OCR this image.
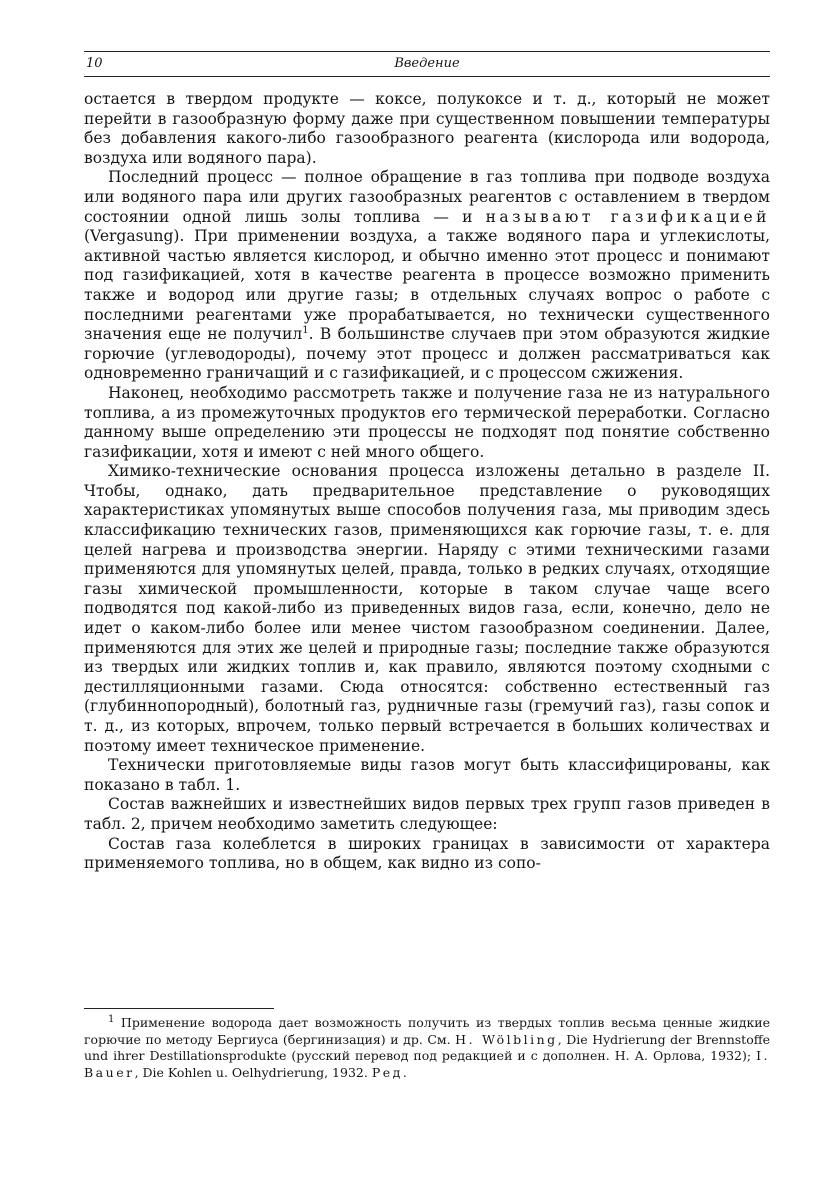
10	Введение

остается в твердом продукте — коксе, полукоксе и т. д., который не может перейти в газообразную форму даже при существенном повышении температуры без добавления какого-либо газообразного реагента (кислорода или водорода, воздуха или водяного пара).

Последний процесс — полное обращение в газ топлива при подводе воздуха или водяного пара или других газообразных реагентов с оставлением в твердом состоянии одной лишь золы топлива — и называют газификацией (Vergasung). При применении воздуха, а также водяного пара и углекислоты, активной частью является кислород, и обычно именно этот процесс и понимают под газификацией, хотя в качестве реагента в процессе возможно применить также и водород или другие газы; в отдельных случаях вопрос о работе с последними реагентами уже прорабатывается, но технически существенного значения еще не получил$^1$. В большинстве случаев при этом образуются жидкие горючие (углеводороды), почему этот процесс и должен рассматриваться как одновременно граничащий и с газификацией, и с процессом сжижения.

Наконец, необходимо рассмотреть также и получение газа не из натурального топлива, а из промежуточных продуктов его термической переработки. Согласно данному выше определению эти процессы не подходят под понятие собственно газификации, хотя и имеют с ней много общего.

Химико-технические основания процесса изложены детально в разделе II. Чтобы, однако, дать предварительное представление о руководящих характеристиках упомянутых выше способов получения газа, мы приводим здесь классификацию технических газов, применяющихся как горючие газы, т. е. для целей нагрева и производства энергии. Наряду с этими техническими газами применяются для упомянутых целей, правда, только в редких случаях, отходящие газы химической промышленности, которые в таком случае чаще всего подводятся под какой-либо из приведенных видов газа, если, конечно, дело не идет о каком-либо более или менее чистом газообразном соединении. Далее, применяются для этих же целей и природные газы; последние также образуются из твердых или жидких топлив и, как правило, являются поэтому сходными с дестилляционными газами. Сюда относятся: собственно естественный газ (глубиннопородный), болотный газ, рудничные газы (гремучий газ), газы сопок и т. д., из которых, впрочем, только первый встречается в больших количествах и поэтому имеет техническое применение.

Технически приготовляемые виды газов могут быть классифицированы, как показано в табл. 1.

Состав важнейших и известнейших видов первых трех групп газов приведен в табл. 2, причем необходимо заметить следующее:

Состав газа колеблется в широких границах в зависимости от характера применяемого топлива, но в общем, как видно из сопо-

$^1$ Применение водорода дает возможность получить из твердых топлив весьма ценные жидкие горючие по методу Бергиуса (бергинизация) и др. См. H. Wölbling, Die Hydrierung der Brennstoffe und ihrer Destillationsprodukte (русский перевод под редакцией и с дополнен. Н. А. Орлова, 1932); I. Bauer, Die Kohlen u. Oelhydrierung, 1932. Ред.
